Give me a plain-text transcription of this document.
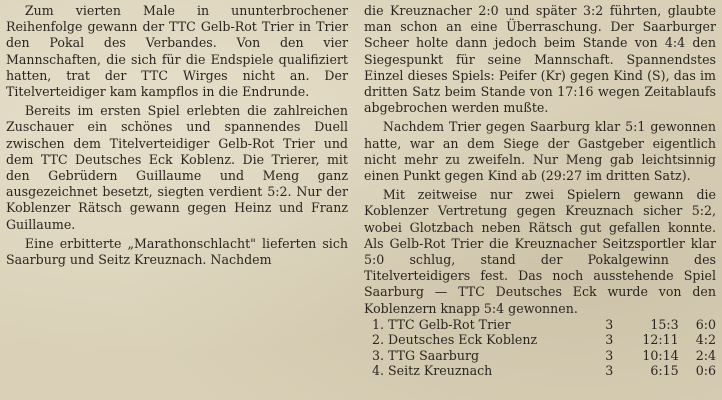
Zum vierten Male in ununterbrochener Reihenfolge gewann der TTC Gelb-Rot Trier in Trier den Pokal des Verbandes. Von den vier Mannschaften, die sich für die Endspiele qualifiziert hatten, trat der TTC Wirges nicht an. Der Titelverteidiger kam kampflos in die Endrunde.

Bereits im ersten Spiel erlebten die zahlreichen Zuschauer ein schönes und spannendes Duell zwischen dem Titelverteidiger Gelb-Rot Trier und dem TTC Deutsches Eck Koblenz. Die Trierer, mit den Gebrüdern Guillaume und Meng ganz ausgezeichnet besetzt, siegten verdient 5:2. Nur der Koblenzer Rätsch gewann gegen Heinz und Franz Guillaume.

Eine erbitterte „Marathonschlacht" lieferten sich Saarburg und Seitz Kreuznach. Nachdem

die Kreuznacher 2:0 und später 3:2 führten, glaubte man schon an eine Überraschung. Der Saarburger Scheer holte dann jedoch beim Stande von 4:4 den Siegespunkt für seine Mannschaft. Spannendstes Einzel dieses Spiels: Peifer (Kr) gegen Kind (S), das im dritten Satz beim Stande von 17:16 wegen Zeitablaufs abgebrochen werden mußte.

Nachdem Trier gegen Saarburg klar 5:1 gewonnen hatte, war an dem Siege der Gastgeber eigentlich nicht mehr zu zweifeln. Nur Meng gab leichtsinnig einen Punkt gegen Kind ab (29:27 im dritten Satz).

Mit zeitweise nur zwei Spielern gewann die Koblenzer Vertretung gegen Kreuznach sicher 5:2, wobei Glotzbach neben Rätsch gut gefallen konnte. Als Gelb-Rot Trier die Kreuznacher Seitzsportler klar 5:0 schlug, stand der Pokalgewinn des Titelverteidigers fest. Das noch ausstehende Spiel Saarburg — TTC Deutsches Eck wurde von den Koblenzern knapp 5:4 gewonnen.

1. TTC Gelb-Rot Trier	3	15:3	6:0
2. Deutsches Eck Koblenz	3	12:11	4:2
3. TTG Saarburg	3	10:14	2:4
4. Seitz Kreuznach	3	6:15	0:6
